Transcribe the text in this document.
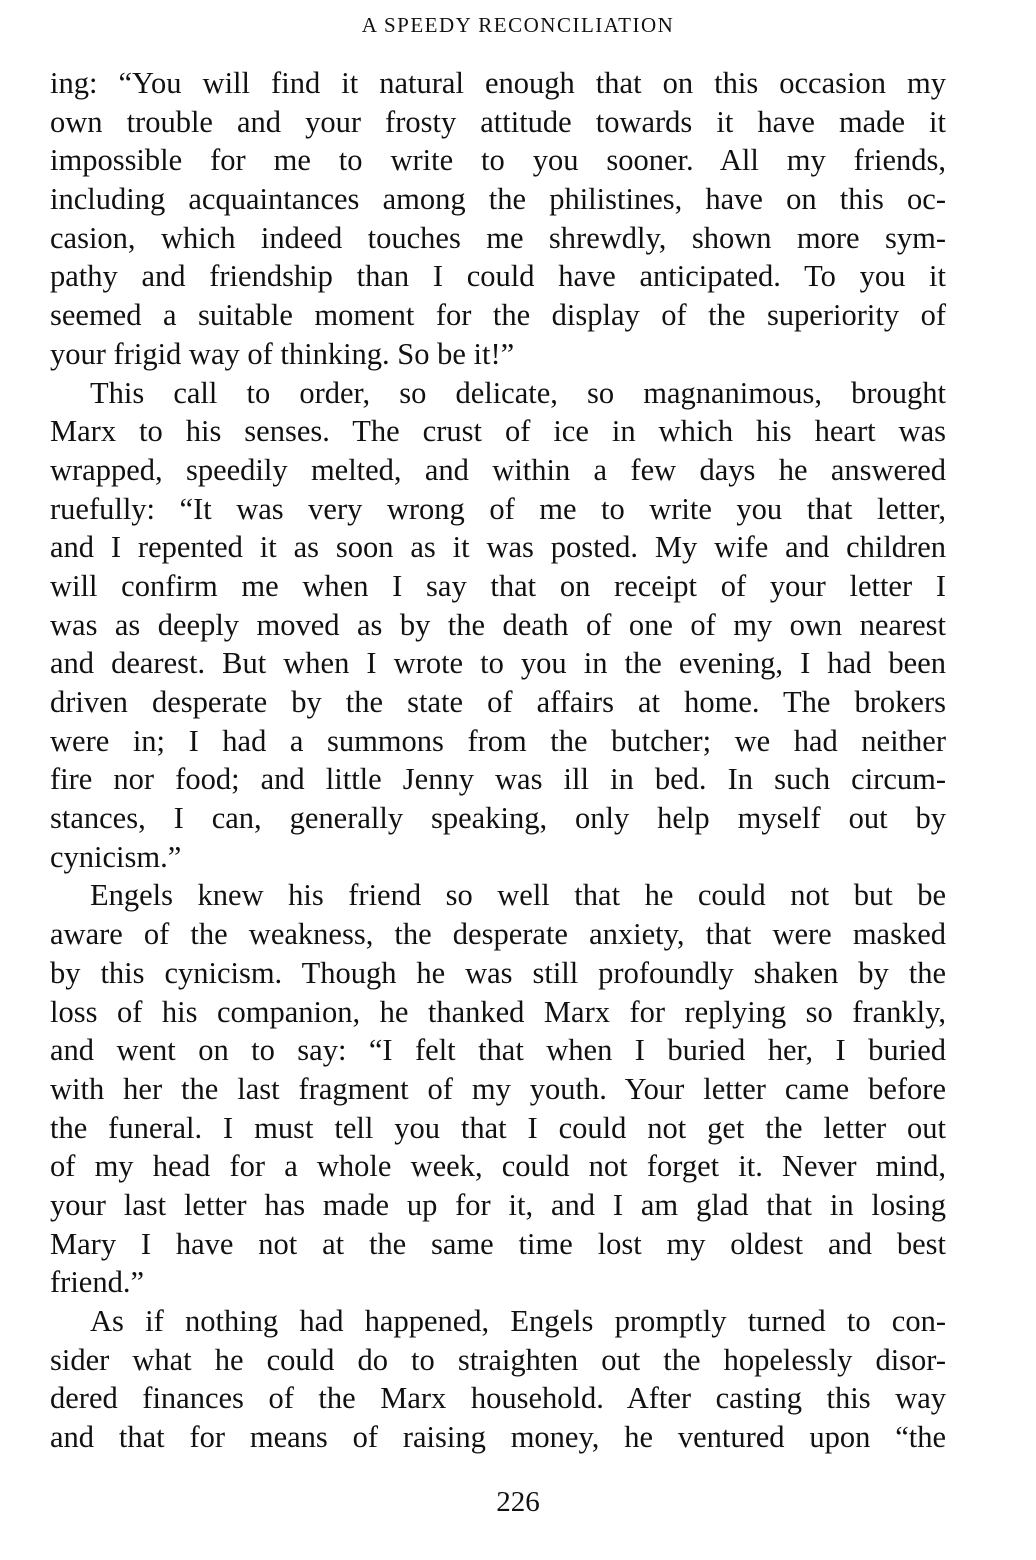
A SPEEDY RECONCILIATION
ing: “You will find it natural enough that on this occasion my
own trouble and your frosty attitude towards it have made it
impossible for me to write to you sooner. All my friends,
including acquaintances among the philistines, have on this oc-
casion, which indeed touches me shrewdly, shown more sym-
pathy and friendship than I could have anticipated. To you it
seemed a suitable moment for the display of the superiority of
your frigid way of thinking. So be it!”
This call to order, so delicate, so magnanimous, brought
Marx to his senses. The crust of ice in which his heart was
wrapped, speedily melted, and within a few days he answered
ruefully: “It was very wrong of me to write you that letter,
and I repented it as soon as it was posted. My wife and children
will confirm me when I say that on receipt of your letter I
was as deeply moved as by the death of one of my own nearest
and dearest. But when I wrote to you in the evening, I had been
driven desperate by the state of affairs at home. The brokers
were in; I had a summons from the butcher; we had neither
fire nor food; and little Jenny was ill in bed. In such circum-
stances, I can, generally speaking, only help myself out by
cynicism.”
Engels knew his friend so well that he could not but be
aware of the weakness, the desperate anxiety, that were masked
by this cynicism. Though he was still profoundly shaken by the
loss of his companion, he thanked Marx for replying so frankly,
and went on to say: “I felt that when I buried her, I buried
with her the last fragment of my youth. Your letter came before
the funeral. I must tell you that I could not get the letter out
of my head for a whole week, could not forget it. Never mind,
your last letter has made up for it, and I am glad that in losing
Mary I have not at the same time lost my oldest and best
friend.”
As if nothing had happened, Engels promptly turned to con-
sider what he could do to straighten out the hopelessly disor-
dered finances of the Marx household. After casting this way
and that for means of raising money, he ventured upon “the
226
